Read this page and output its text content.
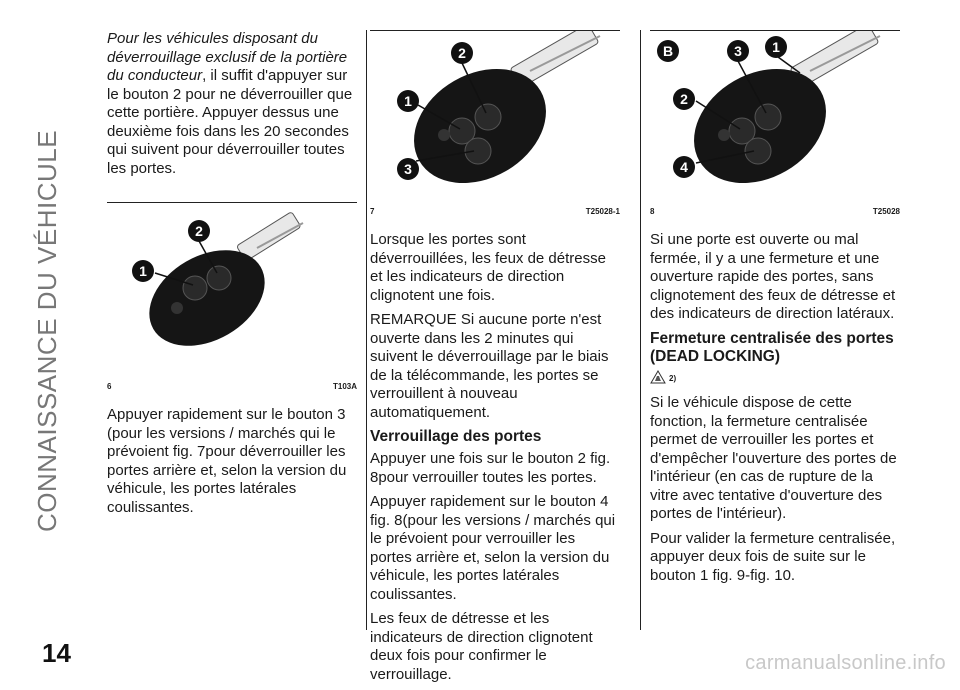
CONNAISSANCE DU VÉHICULE
14	carmanualsonline.info

Pour les véhicules disposant du déverrouillage exclusif de la portière du conducteur, il suffit d'appuyer sur le bouton 2 pour ne déverrouiller que cette portière. Appuyer dessus une deuxième fois dans les 20 secondes qui suivent pour déverrouiller toutes les portes.

1
2
6	T103A

Appuyer rapidement sur le bouton 3 (pour les versions / marchés qui le prévoient fig. 7pour déverrouiller les portes arrière et, selon la version du véhicule, les portes latérales coulissantes.

1
2
3
7	T25028-1

Lorsque les portes sont déverrouillées, les feux de détresse et les indicateurs de direction clignotent une fois.

REMARQUE Si aucune porte n'est ouverte dans les 2 minutes qui suivent le déverrouillage par le biais de la télécommande, les portes se verrouillent à nouveau automatiquement.

Verrouillage des portes

Appuyer une fois sur le bouton 2 fig. 8pour verrouiller toutes les portes.

Appuyer rapidement sur le bouton 4 fig. 8(pour les versions / marchés qui le prévoient pour verrouiller les portes arrière et, selon la version du véhicule, les portes latérales coulissantes.

Les feux de détresse et les indicateurs de direction clignotent deux fois pour confirmer le verrouillage.

B	3 1
2
4
8	T25028

Si une porte est ouverte ou mal fermée, il y a une fermeture et une ouverture rapide des portes, sans clignotement des feux de détresse et des indicateurs de direction latéraux.

Fermeture centralisée des portes (DEAD LOCKING)
2)

Si le véhicule dispose de cette fonction, la fermeture centralisée permet de verrouiller les portes et d'empêcher l'ouverture des portes de l'intérieur (en cas de rupture de la vitre avec tentative d'ouverture des portes de l'intérieur).

Pour valider la fermeture centralisée, appuyer deux fois de suite sur le bouton 1 fig. 9-fig. 10.
